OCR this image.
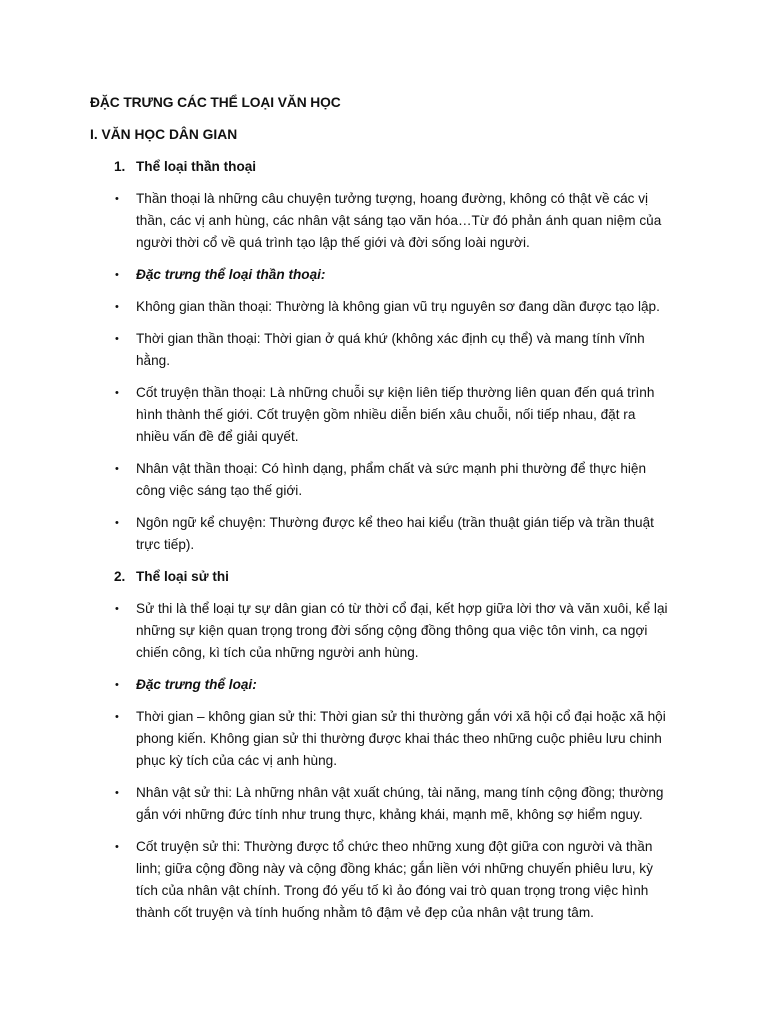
ĐẶC TRƯNG CÁC THỂ LOẠI VĂN HỌC
I. VĂN HỌC DÂN GIAN
1. Thể loại thần thoại
•	Thần thoại là những câu chuyện tưởng tượng, hoang đường, không có thật về các vị thần, các vị anh hùng, các nhân vật sáng tạo văn hóa…Từ đó phản ánh quan niệm của người thời cổ về quá trình tạo lập thế giới và đời sống loài người.
•	Đặc trưng thể loại thần thoại:
•	Không gian thần thoại: Thường là không gian vũ trụ nguyên sơ đang dần được tạo lập.
•	Thời gian thần thoại: Thời gian ở quá khứ (không xác định cụ thể) và mang tính vĩnh hằng.
•	Cốt truyện thần thoại: Là những chuỗi sự kiện liên tiếp thường liên quan đến quá trình hình thành thế giới. Cốt truyện gồm nhiều diễn biến xâu chuỗi, nối tiếp nhau, đặt ra nhiều vấn đề để giải quyết.
•	Nhân vật thần thoại: Có hình dạng, phẩm chất và sức mạnh phi thường để thực hiện công việc sáng tạo thế giới.
•	Ngôn ngữ kể chuyện: Thường được kể theo hai kiểu (trần thuật gián tiếp và trần thuật trực tiếp).
2. Thể loại sử thi
•	Sử thi là thể loại tự sự dân gian có từ thời cổ đại, kết hợp giữa lời thơ và văn xuôi, kể lại những sự kiện quan trọng trong đời sống cộng đồng thông qua việc tôn vinh, ca ngợi chiến công, kì tích của những người anh hùng.
•	Đặc trưng thể loại:
•	Thời gian – không gian sử thi: Thời gian sử thi thường gắn với xã hội cổ đại hoặc xã hội phong kiến. Không gian sử thi thường được khai thác theo những cuộc phiêu lưu chinh phục kỳ tích của các vị anh hùng.
•	Nhân vật sử thi: Là những nhân vật xuất chúng, tài năng, mang tính cộng đồng; thường gắn với những đức tính như trung thực, khảng khái, mạnh mẽ, không sợ hiểm nguy.
•	Cốt truyện sử thi: Thường được tổ chức theo những xung đột giữa con người và thần linh; giữa cộng đồng này và cộng đồng khác; gắn liền với những chuyến phiêu lưu, kỳ tích của nhân vật chính. Trong đó yếu tố kì ảo đóng vai trò quan trọng trong việc hình thành cốt truyện và tính huống nhằm tô đậm vẻ đẹp của nhân vật trung tâm.
